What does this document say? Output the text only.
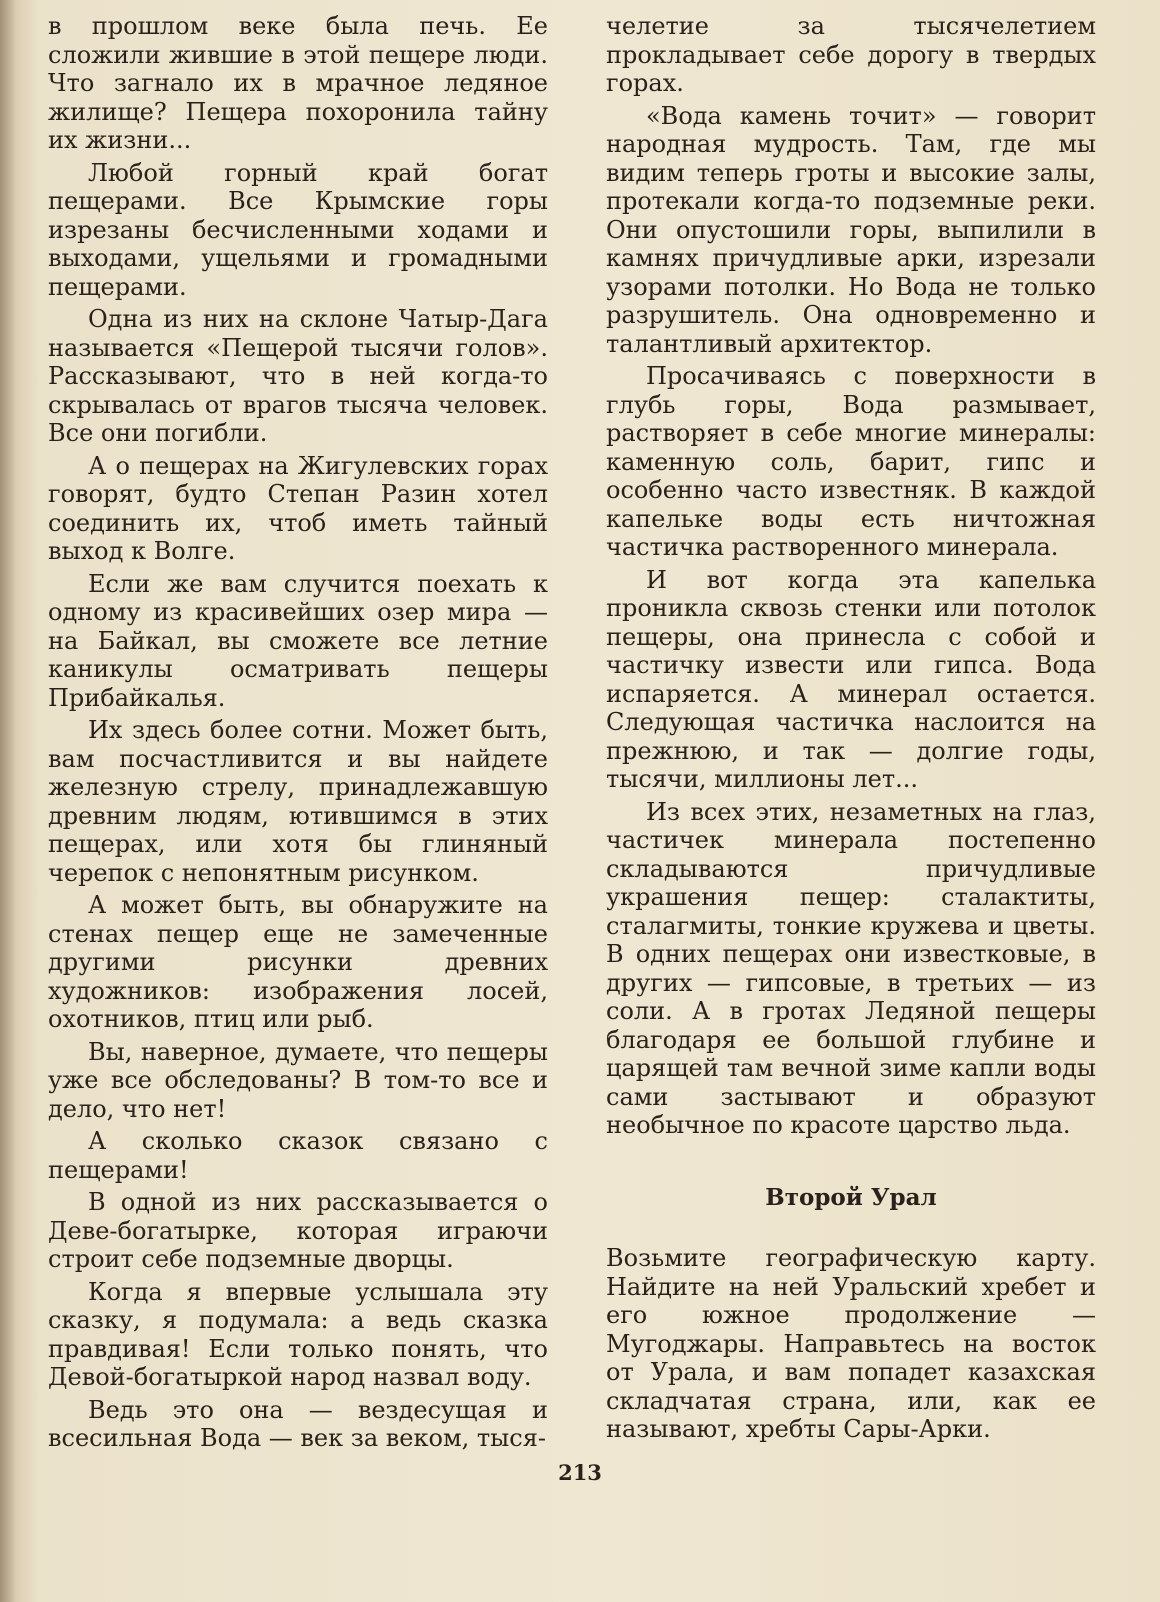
в прошлом веке была печь. Ее сложили жившие в этой пещере люди. Что загнало их в мрачное ледяное жилище? Пещера похоронила тайну их жизни...

Любой горный край богат пещерами. Все Крымские горы изрезаны бесчисленными ходами и выходами, ущельями и громадными пещерами.

Одна из них на склоне Чатыр-Дага называется «Пещерой тысячи голов». Рассказывают, что в ней когда-то скрывалась от врагов тысяча человек. Все они погибли.

А о пещерах на Жигулевских горах говорят, будто Степан Разин хотел соединить их, чтоб иметь тайный выход к Волге.

Если же вам случится поехать к одному из красивейших озер мира — на Байкал, вы сможете все летние каникулы осматривать пещеры Прибайкалья.

Их здесь более сотни. Может быть, вам посчастливится и вы найдете железную стрелу, принадлежавшую древним людям, ютившимся в этих пещерах, или хотя бы глиняный черепок с непонятным рисунком.

А может быть, вы обнаружите на стенах пещер еще не замеченные другими рисунки древних художников: изображения лосей, охотников, птиц или рыб.

Вы, наверное, думаете, что пещеры уже все обследованы? В том-то все и дело, что нет!

А сколько сказок связано с пещерами!

В одной из них рассказывается о Деве-богатырке, которая играючи строит себе подземные дворцы.

Когда я впервые услышала эту сказку, я подумала: а ведь сказка правдивая! Если только понять, что Девой-богатыркой народ назвал воду.

Ведь это она — вездесущая и всесильная Вода — век за веком, тыся-

челетие за тысячелетием прокладывает себе дорогу в твердых горах.

«Вода камень точит» — говорит народная мудрость. Там, где мы видим теперь гроты и высокие залы, протекали когда-то подземные реки. Они опустошили горы, выпилили в камнях причудливые арки, изрезали узорами потолки. Но Вода не только разрушитель. Она одновременно и талантливый архитектор.

Просачиваясь с поверхности в глубь горы, Вода размывает, растворяет в себе многие минералы: каменную соль, барит, гипс и особенно часто известняк. В каждой капельке воды есть ничтожная частичка растворенного минерала.

И вот когда эта капелька проникла сквозь стенки или потолок пещеры, она принесла с собой и частичку извести или гипса. Вода испаряется. А минерал остается. Следующая частичка наслоится на прежнюю, и так — долгие годы, тысячи, миллионы лет...

Из всех этих, незаметных на глаз, частичек минерала постепенно складываются причудливые украшения пещер: сталактиты, сталагмиты, тонкие кружева и цветы. В одних пещерах они известковые, в других — гипсовые, в третьих — из соли. А в гротах Ледяной пещеры благодаря ее большой глубине и царящей там вечной зиме капли воды сами застывают и образуют необычное по красоте царство льда.

Второй Урал

Возьмите географическую карту. Найдите на ней Уральский хребет и его южное продолжение — Мугоджары. Направьтесь на восток от Урала, и вам попадет казахская складчатая страна, или, как ее называют, хребты Сары-Арки.

213
